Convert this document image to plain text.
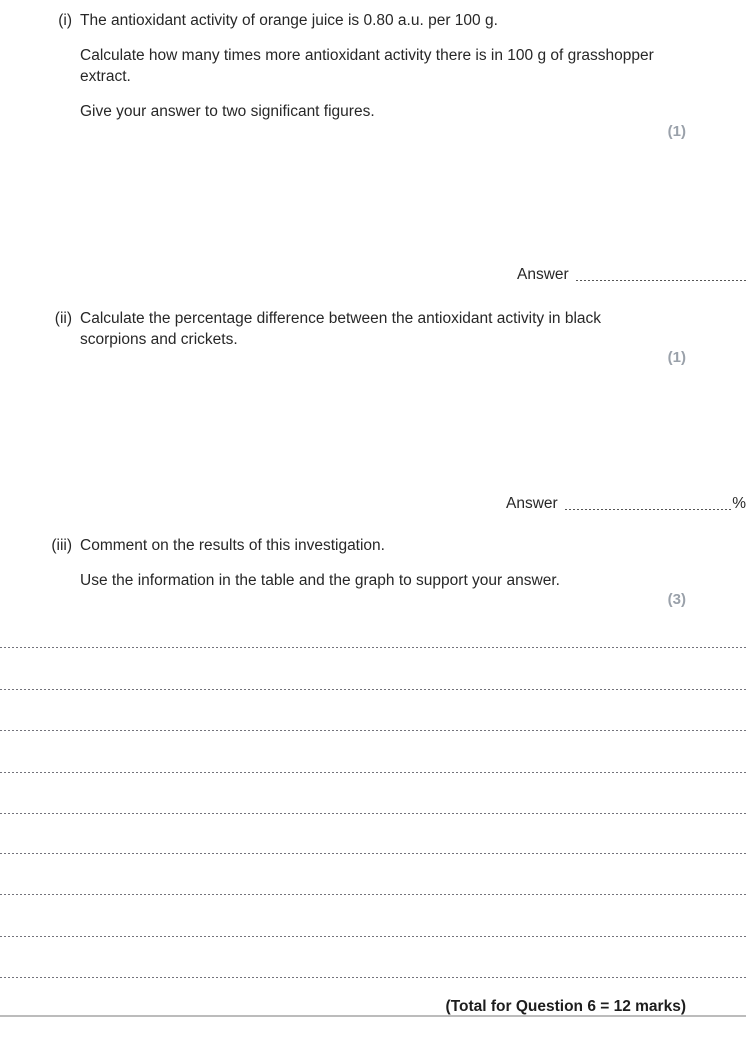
(i) The antioxidant activity of orange juice is 0.80 a.u. per 100 g.

Calculate how many times more antioxidant activity there is in 100 g of grasshopper extract.

Give your answer to two significant figures.

(1)
Answer
(ii) Calculate the percentage difference between the antioxidant activity in black scorpions and crickets.

(1)
Answer	%
(iii) Comment on the results of this investigation.

Use the information in the table and the graph to support your answer.

(3)
(Total for Question 6 = 12 marks)
